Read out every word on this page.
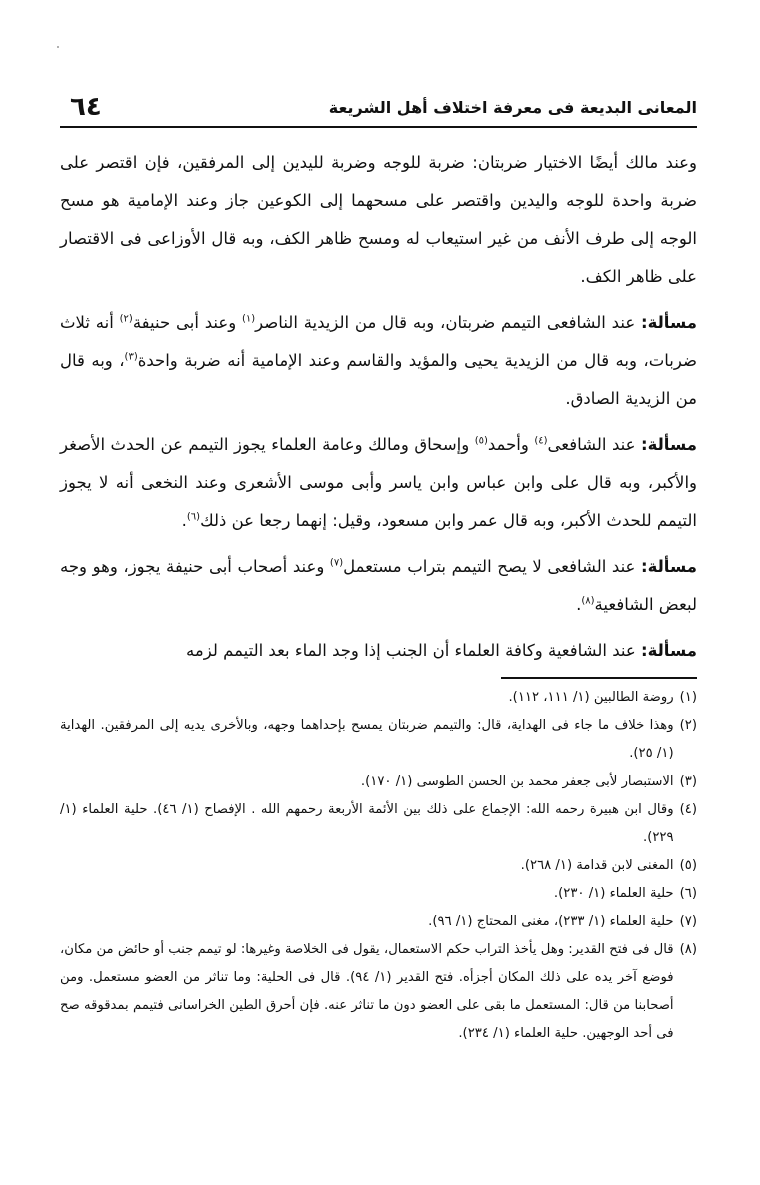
المعانى البديعة فى معرفة اختلاف أهل الشريعة
٦٤

وعند مالك أيضًا الاختيار ضربتان: ضربة للوجه وضربة لليدين إلى المرفقين، فإن اقتصر على ضربة واحدة للوجه واليدين واقتصر على مسحهما إلى الكوعين جاز وعند الإمامية هو مسح الوجه إلى طرف الأنف من غير استيعاب له ومسح ظاهر الكف، وبه قال الأوزاعى فى الاقتصار على ظاهر الكف.

مسألة: عند الشافعى التيمم ضربتان، وبه قال من الزيدية الناصر$^{(١)}$ وعند أبى حنيفة$^{(٢)}$ أنه ثلاث ضربات، وبه قال من الزيدية يحيى والمؤيد والقاسم وعند الإمامية أنه ضربة واحدة$^{(٣)}$، وبه قال من الزيدية الصادق.

مسألة: عند الشافعى$^{(٤)}$ وأحمد$^{(٥)}$ وإسحاق ومالك وعامة العلماء يجوز التيمم عن الحدث الأصغر والأكبر، وبه قال على وابن عباس وابن ياسر وأبى موسى الأشعرى وعند النخعى أنه لا يجوز التيمم للحدث الأكبر، وبه قال عمر وابن مسعود، وقيل: إنهما رجعا عن ذلك$^{(٦)}$.

مسألة: عند الشافعى لا يصح التيمم بتراب مستعمل$^{(٧)}$ وعند أصحاب أبى حنيفة يجوز، وهو وجه لبعض الشافعية$^{(٨)}$.

مسألة: عند الشافعية وكافة العلماء أن الجنب إذا وجد الماء بعد التيمم لزمه

(١)
روضة الطالبين (١/ ١١١، ١١٢).
(٢)
وهذا خلاف ما جاء فى الهداية، قال: والتيمم ضربتان يمسح بإحداهما وجهه، وبالأخرى يديه إلى المرفقين. الهداية (١/ ٢٥).
(٣)
الاستبصار لأبى جعفر محمد بن الحسن الطوسى (١/ ١٧٠).
(٤)
وقال ابن هبيرة رحمه الله: الإجماع على ذلك بين الأئمة الأربعة رحمهم الله . الإفصاح (١/ ٤٦). حلية العلماء (١/ ٢٢٩).
(٥)
المغنى لابن قدامة (١/ ٢٦٨).
(٦)
حلية العلماء (١/ ٢٣٠).
(٧)
حلية العلماء (١/ ٢٣٣)، مغنى المحتاج (١/ ٩٦).
(٨)
قال فى فتح القدير: وهل يأخذ التراب حكم الاستعمال، يقول فى الخلاصة وغيرها: لو تيمم جنب أو حائض من مكان، فوضع آخر يده على ذلك المكان أجزأه. فتح القدير (١/ ٩٤). قال فى الحلية: وما تناثر من العضو مستعمل. ومن أصحابنا من قال: المستعمل ما بقى على العضو دون ما تناثر عنه. فإن أحرق الطين الخراسانى فتيمم بمدقوقه صح فى أحد الوجهين. حلية العلماء (١/ ٢٣٤).
